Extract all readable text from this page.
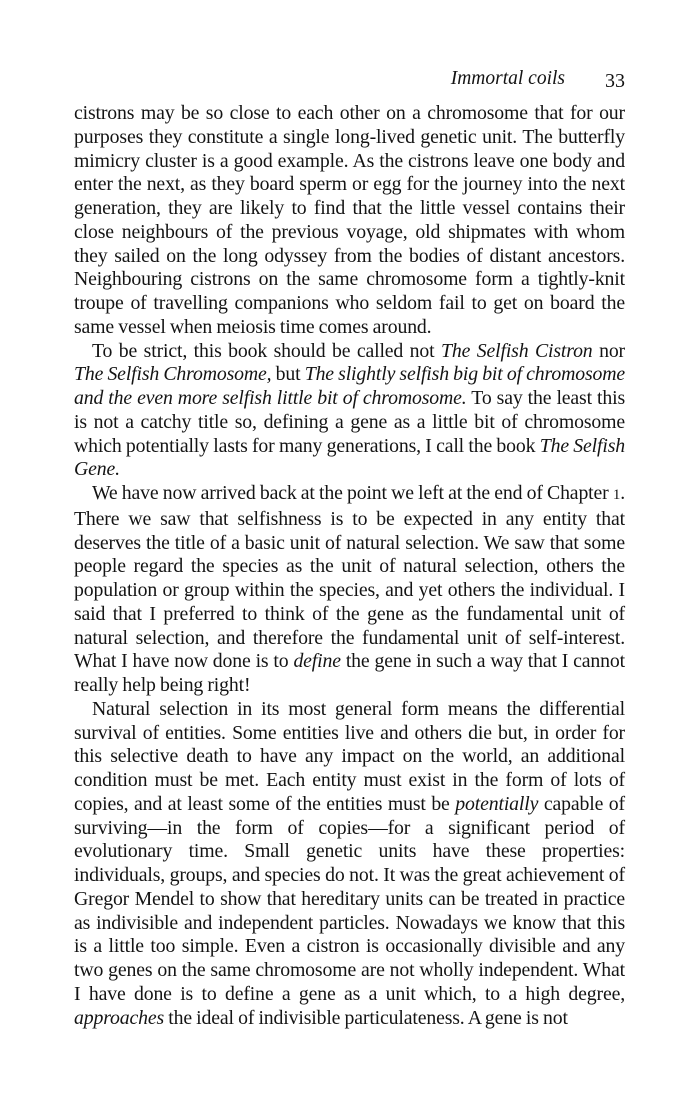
Immortal coils 33

cistrons may be so close to each other on a chromosome that for our purposes they constitute a single long-lived genetic unit. The butterfly mimicry cluster is a good example. As the cistrons leave one body and enter the next, as they board sperm or egg for the journey into the next generation, they are likely to find that the little vessel contains their close neighbours of the previous voyage, old shipmates with whom they sailed on the long odyssey from the bodies of distant ancestors. Neighbouring cistrons on the same chromosome form a tightly-knit troupe of travelling companions who seldom fail to get on board the same vessel when meiosis time comes around.

To be strict, this book should be called not The Selfish Cistron nor The Selfish Chromosome, but The slightly selfish big bit of chromosome and the even more selfish little bit of chromosome. To say the least this is not a catchy title so, defining a gene as a little bit of chromosome which potentially lasts for many generations, I call the book The Selfish Gene.

We have now arrived back at the point we left at the end of Chapter 1. There we saw that selfishness is to be expected in any entity that deserves the title of a basic unit of natural selection. We saw that some people regard the species as the unit of natural selection, others the population or group within the species, and yet others the individual. I said that I preferred to think of the gene as the fundamental unit of natural selection, and therefore the fundamental unit of self-interest. What I have now done is to define the gene in such a way that I cannot really help being right!

Natural selection in its most general form means the differential survival of entities. Some entities live and others die but, in order for this selective death to have any impact on the world, an additional condition must be met. Each entity must exist in the form of lots of copies, and at least some of the entities must be potentially capable of surviving—in the form of copies—for a significant period of evolutionary time. Small genetic units have these properties: individuals, groups, and species do not. It was the great achievement of Gregor Mendel to show that hereditary units can be treated in practice as indivisible and independent particles. Nowadays we know that this is a little too simple. Even a cistron is occasionally divisible and any two genes on the same chromosome are not wholly independent. What I have done is to define a gene as a unit which, to a high degree, approaches the ideal of indivisible particulateness. A gene is not
